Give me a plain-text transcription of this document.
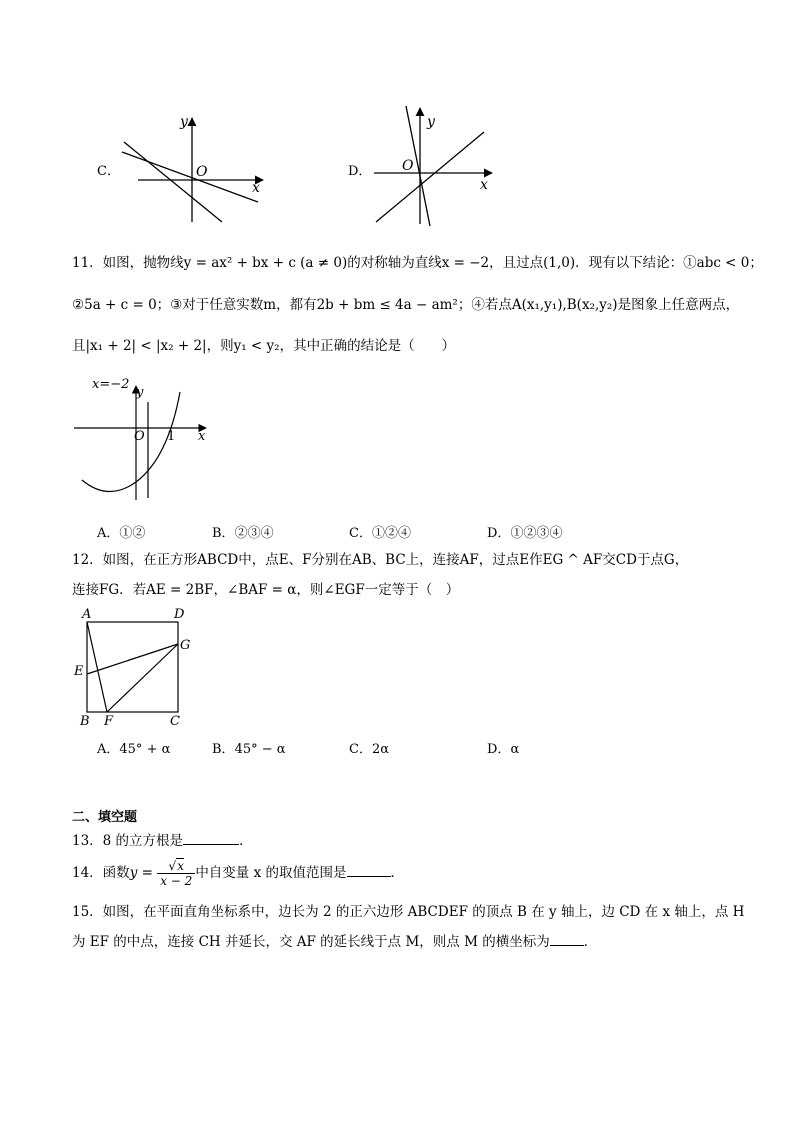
C．
y
O
x
D．
y
O
x
11．如图，抛物线y = ax² + bx + c (a ≠ 0)的对称轴为直线x = −2，且过点(1,0)．现有以下结论：①abc < 0；
②5a + c = 0；③对于任意实数m，都有2b + bm ≤ 4a − am²；④若点A(x₁,y₁),B(x₂,y₂)是图象上任意两点，
且|x₁ + 2| < |x₂ + 2|，则y₁ < y₂，其中正确的结论是（　　）
x=−2
y
O 1 x
A．①②	B．②③④	C．①②④	D．①②③④
12．如图，在正方形ABCD中，点E、F分别在AB、BC上，连接AF，过点E作EG ^ AF交CD于点G，
连接FG．若AE = 2BF，∠BAF = α，则∠EGF一定等于（　）
A	D
E
G
B F	C
A．45° + α	B．45° − α	C．2α	D．α
二、填空题
13．8 的立方根是	．
14．函数$y = \frac{√x}{x - 2}$ 中自变量 x 的取值范围是	．
15．如图，在平面直角坐标系中，边长为 2 的正六边形 ABCDEF 的顶点 B 在 y 轴上，边 CD 在 x 轴上，点 H
为 EF 的中点，连接 CH 并延长，交 AF 的延长线于点 M，则点 M 的横坐标为	．
